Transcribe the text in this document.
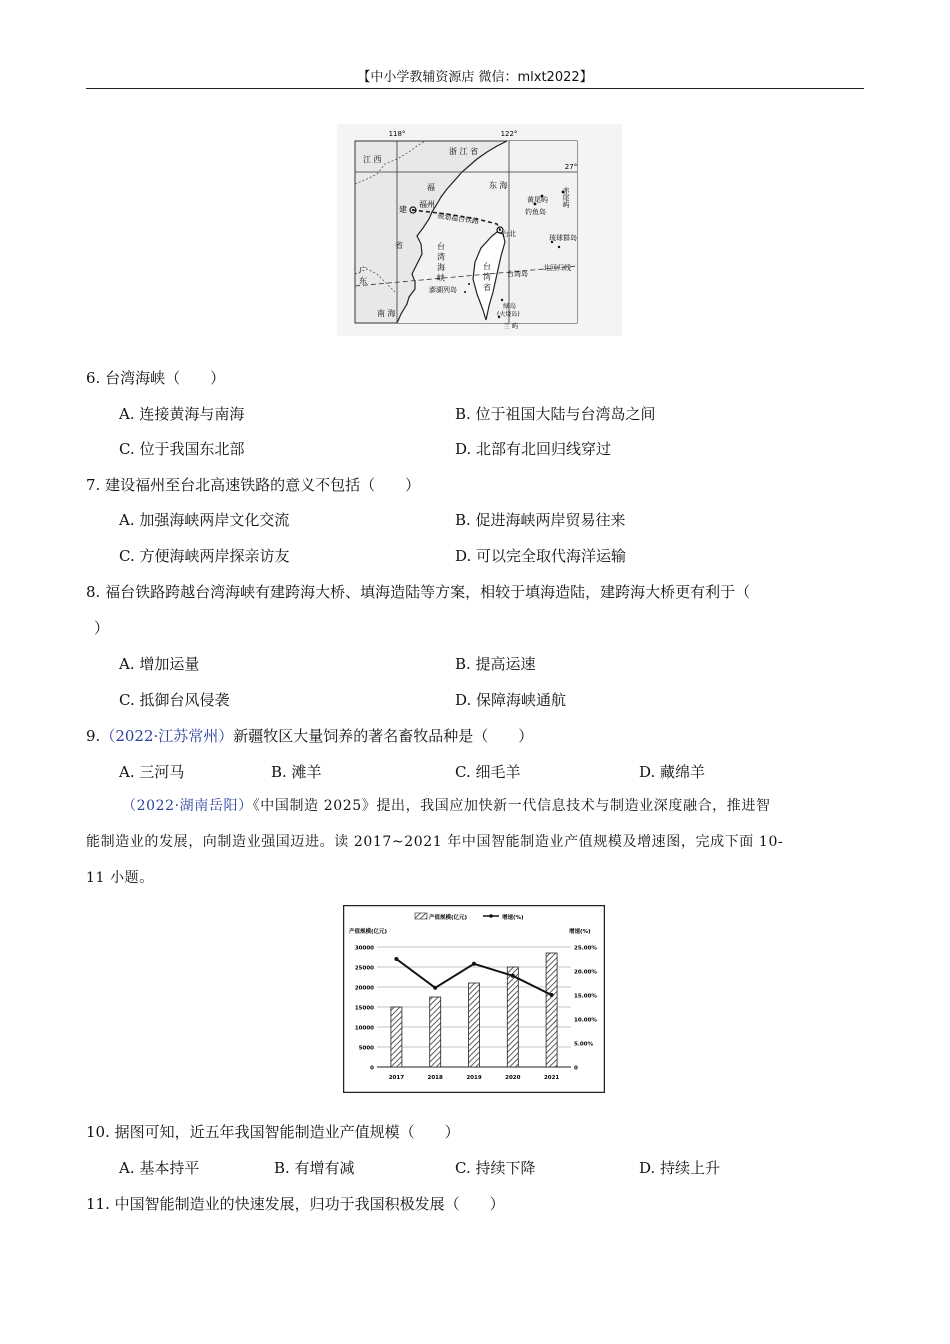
【中小学教辅资源店 微信：mlxt2022】
118°	122°
27°
浙 江 省
江 西
福
建
省
福州
规划福台铁路
台北
台 湾 海 峡	台 湾 省
东 海
黄尾屿
钓鱼岛
赤尾屿
琉球群岛
北回归线
台湾岛
澎湖列岛
绿岛
(火烧岛)
兰 屿
广 东
南 海
6. 台湾海峡（　　）
A. 连接黄海与南海	B. 位于祖国大陆与台湾岛之间
C. 位于我国东北部	D. 北部有北回归线穿过
7. 建设福州至台北高速铁路的意义不包括（　　）
A. 加强海峡两岸文化交流	B. 促进海峡两岸贸易往来
C. 方便海峡两岸探亲访友	D. 可以完全取代海洋运输
8. 福台铁路跨越台湾海峡有建跨海大桥、填海造陆等方案，相较于填海造陆，建跨海大桥更有利于（
）
A. 增加运量	B. 提高运速
C. 抵御台风侵袭	D. 保障海峡通航
9.（2022·江苏常州）新疆牧区大量饲养的著名畜牧品种是（　　）
A. 三河马	B. 滩羊	C. 细毛羊	D. 藏绵羊
（2022·湖南岳阳）《中国制造 2025》提出，我国应加快新一代信息技术与制造业深度融合，推进智
能制造业的发展，向制造业强国迈进。读 2017~2021 年中国智能制造业产值规模及增速图，完成下面 10-
11 小题。
0
5000
10000
15000
20000
25000
30000
0
5.00%
10.00%
15.00%
20.00%
25.00%
2017	2018	2019	2020	2021
产值规模(亿元)	增速(%)
产值规模(亿元)	增速(%)
10. 据图可知，近五年我国智能制造业产值规模（　　）
A. 基本持平	B. 有增有减	C. 持续下降	D. 持续上升
11. 中国智能制造业的快速发展，归功于我国积极发展（　　）
